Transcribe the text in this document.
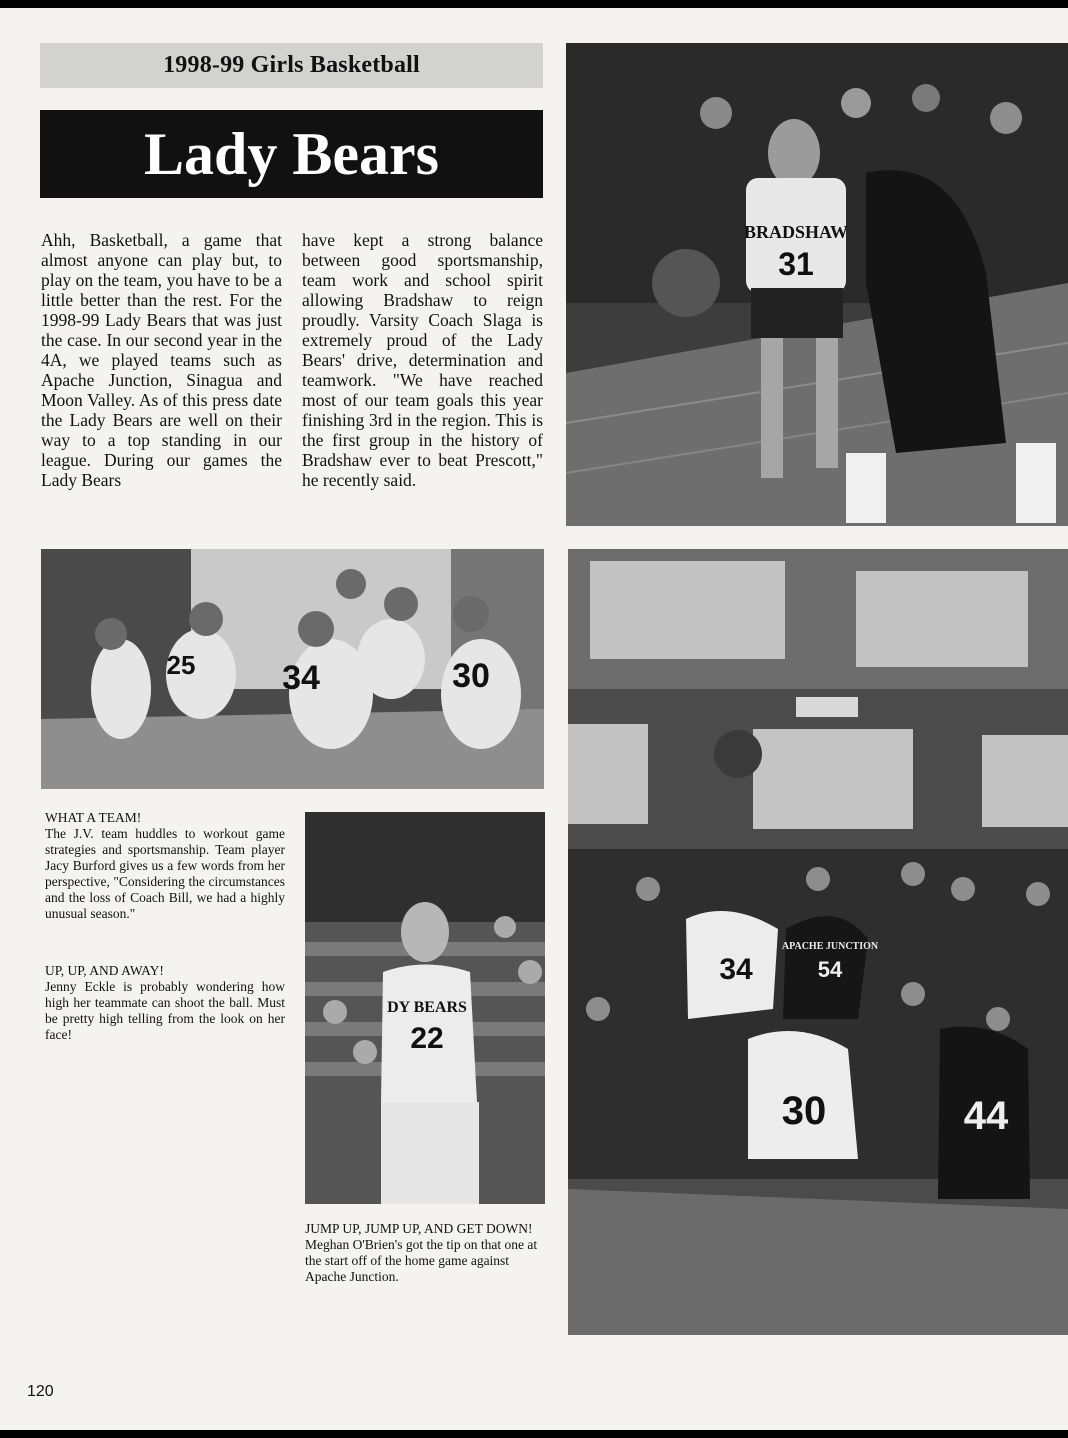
1998-99 Girls Basketball
Lady Bears
Ahh, Basketball, a game that almost anyone can play but, to play on the team, you have to be a little better than the rest. For the 1998-99 Lady Bears that was just the case. In our second year in the 4A, we played teams such as Apache Junction, Sinagua and Moon Valley. As of this press date the Lady Bears are well on their way to a top standing in our league. During our games the Lady Bears
have kept a strong balance between good sportsmanship, team work and school spirit allowing Bradshaw to reign proudly. Varsity Coach Slaga is extremely proud of the Lady Bears' drive, determination and teamwork. "We have reached most of our team goals this year finishing 3rd in the region. This is the first group in the history of Bradshaw ever to beat Prescott," he recently said.
BRADSHAW
31
25	34	30
WHAT A TEAM!
The J.V. team huddles to workout game strategies and sportsmanship. Team player Jacy Burford gives us a few words from her perspective, "Considering the circumstances and the loss of Coach Bill, we had a highly unusual season."
UP, UP, AND AWAY!
Jenny Eckle is probably wondering how high her teammate can shoot the ball. Must be pretty high telling from the look on her face!
DY BEARS
22
JUMP UP, JUMP UP, AND GET DOWN!
Meghan O'Brien's got the tip on that one at the start off of the home game against Apache Junction.
34	54
APACHE JUNCTION
30	44
120
